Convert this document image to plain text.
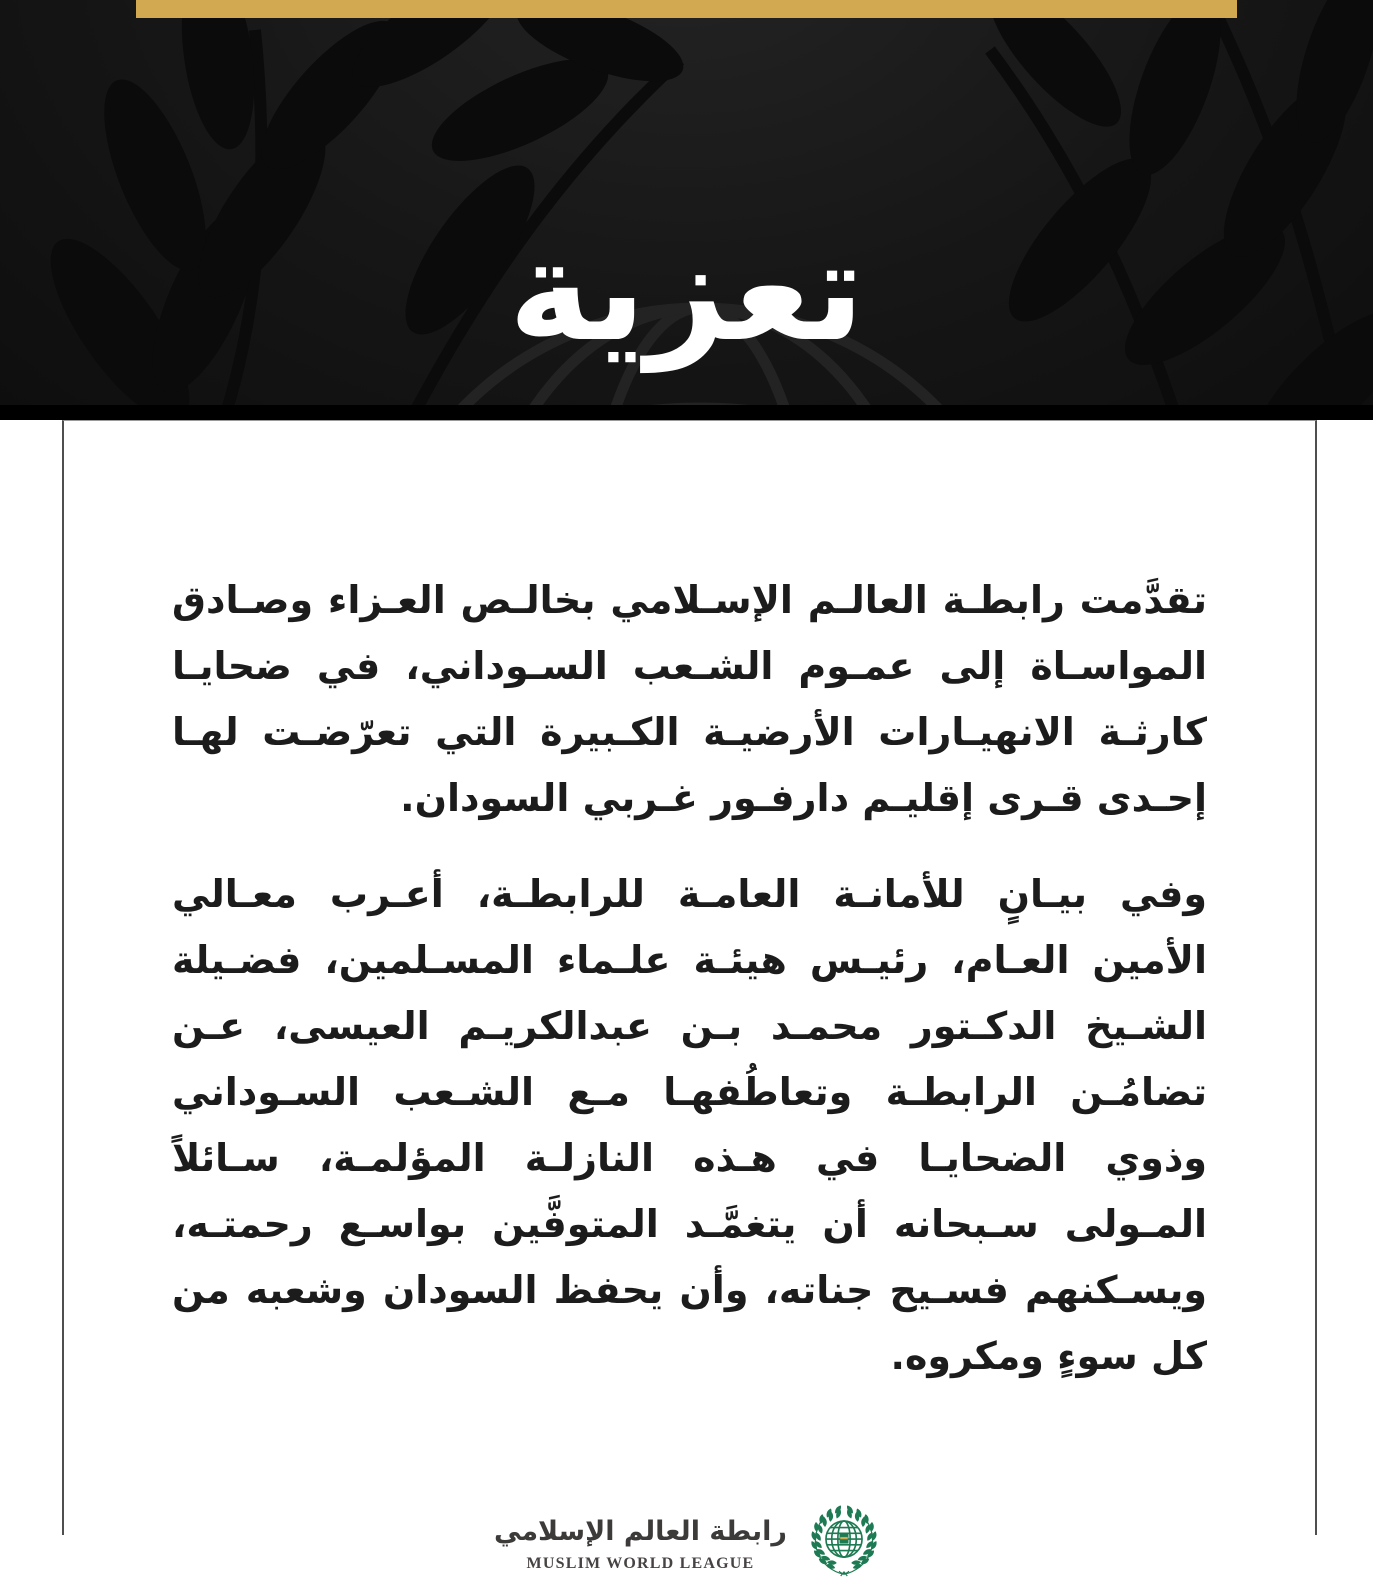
تعزية

تقدَّمت رابطـة العالـم الإسـلامي بخالـص العـزاء وصـادق المواسـاة إلى عمـوم الشـعب السـوداني، في ضحايـا كارثـة الانهيـارات الأرضيـة الكـبيرة التي تعرّضـت لهـا إحـدى قـرى إقليـم دارفـور غـربي السودان.

وفي بيـانٍ للأمانـة العامـة للرابطـة، أعـرب معـالي الأمين العـام، رئيـس هيئـة علـماء المسـلمين، فضـيلة الشـيخ الدكـتور محمـد بـن عبدالكريـم العيسى، عـن تضامُـن الرابطـة وتعاطُفهـا مـع الشـعب السـوداني وذوي الضحايـا في هـذه النازلـة المؤلمـة، سـائلاً المـولى سـبحانه أن يتغمَّـد المتوفَّين بواسـع رحمتـه، ويسـكنهم فسـيح جناته، وأن يحفظ السودان وشعبه من كل سوءٍ ومكروه.

رابطة العالم الإسلامي
MUSLIM WORLD LEAGUE
